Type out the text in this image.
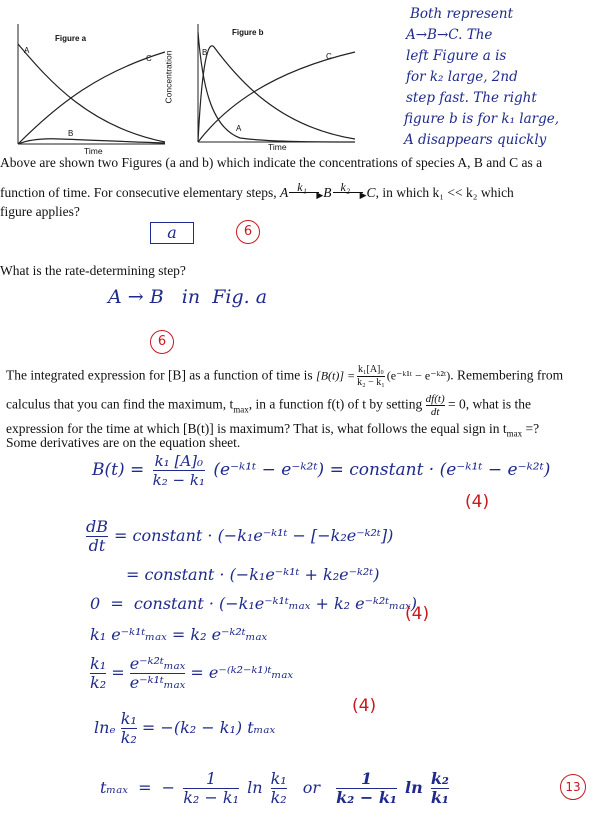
Figure a
A
C
B
Time
Figure b
B	C
A
Time
Concentration
Both represent
A→B→C. The
left Figure a is
for k₂ large, 2nd
step fast. The right
figure b is for k₁ large,
A disappears quickly
Above are shown two Figures (a and b) which indicate the concentrations of species A, B and C as a
function of time. For consecutive elementary steps, A k₁
▶ B k₂
▶ C, in which k₁ << k₂ which
figure applies?
a	6
What is the rate-determining step?
A → B   in  Fig. a
6
The integrated expression for [B] as a function of time is $[B(t)] = \frac{\text{k₁[A]₀}}{\text{k₂ − k₁}}$ (e⁻ᵏ¹ᵗ − e⁻ᵏ²ᵗ). Remembering from
calculus that you can find the maximum, $t_{max}$, in a function f(t) of t by setting $\frac{df(t)}{dt} = 0$, what is the
expression for the time at which [B(t)] is maximum? That is, what follows the equal sign in $t_{max}$ =?
Some derivatives are on the equation sheet.
$B(t) = \frac{\text{k₁ [A]₀}}{\text{k₂ − k₁}}$ (e⁻ᵏ¹ᵗ − e⁻ᵏ²ᵗ) = constant · (e⁻ᵏ¹ᵗ − e⁻ᵏ²ᵗ)
(4)
$\frac{dB}{dt}$ = constant · (−k₁e⁻ᵏ¹ᵗ − [−k₂e⁻ᵏ²ᵗ])
= constant · (−k₁e⁻ᵏ¹ᵗ + k₂e⁻ᵏ²ᵗ)
0  =  constant · (−k₁e⁻ᵏ¹ᵗₘₐₓ + k₂ e⁻ᵏ²ᵗₘₐₓ)
(4)
k₁ e⁻ᵏ¹ᵗₘₐₓ = k₂ e⁻ᵏ²ᵗₘₐₓ
$\frac{\text{k₁}}{\text{k₂}}$ = e⁻ᵏ²ᵗₘₐₓ
e⁻ᵏ¹ᵗₘₐₓ
= e⁻⁽ᵏ²⁻ᵏ¹⁾ᵗₘₐₓ
lnₑ $\frac{\text{k₁}}{\text{k₂}} = -(k_2 - k_1)$ tₘₐₓ
(4)
tₘₐₓ  =  − $\frac{1}{\text{k₂ − k₁}}$ $\ln \frac{\text{k₁}}{\text{k₂}}$ or $\frac{1}{\text{k₂ − k₁}}$ $\ln \frac{\text{k₂}}{\text{k₁}}$	13
